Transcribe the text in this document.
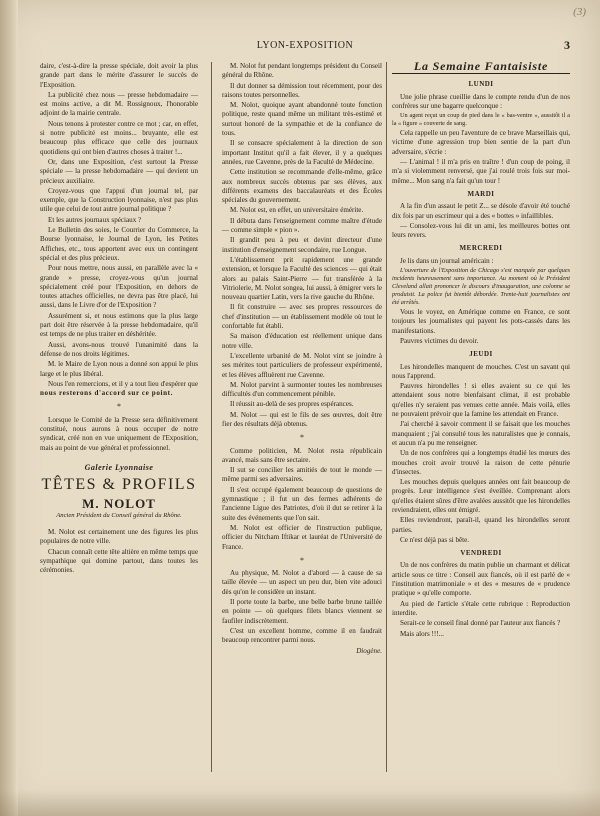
LYON-EXPOSITION	3
(3)

daire, c'est-à-dire la presse spéciale, doit avoir la plus grande part dans le mérite d'assurer le succès de l'Exposition.

La publicité chez nous — presse hebdomadaire — est moins active, a dit M. Rossignoux, l'honorable adjoint de la mairie centrale.

Nous tenons à protester contre ce mot ; car, en effet, si notre publicité est moins... bruyante, elle est beaucoup plus efficace que celle des journaux quotidiens qui ont bien d'autres choses à traiter !...

Or, dans une Exposition, c'est surtout la Presse spéciale — la presse hebdomadaire — qui devient un précieux auxiliaire.

Croyez-vous que l'appui d'un journal tel, par exemple, que la Construction lyonnaise, n'est pas plus utile que celui de tout autre journal politique ?

Et les autres journaux spéciaux ?

Le Bulletin des soies, le Courrier du Commerce, la Bourse lyonnaise, le Journal de Lyon, les Petites Affiches, etc., tous apportent avec eux un contingent spécial et des plus précieux.

Pour nous mettre, nous aussi, en parallèle avec la « grande » presse, croyez-vous qu'un journal spécialement créé pour l'Exposition, en dehors de toutes attaches officielles, ne devra pas être placé, lui aussi, dans le Livre d'or de l'Exposition ?

Assurément si, et nous estimons que la plus large part doit être réservée à la presse hebdomadaire, qu'il est temps de ne plus traiter en déshéritée.

Aussi, avons-nous trouvé l'unanimité dans la défense de nos droits légitimes.

M. le Maire de Lyon nous a donné son appui le plus large et le plus libéral.

Nous l'en remercions, et il y a tout lieu d'espérer que nous resterons d'accord sur ce point.

*

Lorsque le Comité de la Presse sera définitivement constitué, nous aurons à nous occuper de notre syndicat, créé non en vue uniquement de l'Exposition, mais au point de vue général et professionnel.

Galerie Lyonnaise
TÊTES & PROFILS
M. NOLOT
Ancien Président du Conseil général du Rhône.

M. Nolot est certainement une des figures les plus populaires de notre ville.

Chacun connaît cette tête altière en même temps que sympathique qui domine partout, dans toutes les cérémonies.

M. Nolot fut pendant longtemps président du Conseil général du Rhône.

Il dut donner sa démission tout récemment, pour des raisons toutes personnelles.

M. Nolot, quoique ayant abandonné toute fonction politique, reste quand même un militant très-estimé et surtout honoré de la sympathie et de la confiance de tous.

Il se consacre spécialement à la direction de son important Institut qu'il a fait élever, il y a quelques années, rue Cavenne, près de la Faculté de Médecine.

Cette institution se recommande d'elle-même, grâce aux nombreux succès obtenus par ses élèves, aux différents examens des baccalauréats et des Écoles spéciales du gouvernement.

M. Nolot est, en effet, un universitaire émérite.

Il débuta dans l'enseignement comme maître d'étude — comme simple « pion ».

Il grandit peu à peu et devint directeur d'une institution d'enseignement secondaire, rue Longue.

L'établissement prit rapidement une grande extension, et lorsque la Faculté des sciences — qui était alors au palais Saint-Pierre — fut transférée à la Vitriolerie, M. Nolot songea, lui aussi, à émigrer vers le nouveau quartier Latin, vers la rive gauche du Rhône.

Il fit construire — avec ses propres ressources de chef d'institution — un établissement modèle où tout le confortable fut établi.

Sa maison d'éducation est réellement unique dans notre ville.

L'excellente urbanité de M. Nolot vint se joindre à ses mérites tout particuliers de professeur expérimenté, et les élèves affluèrent rue Cavenne.

M. Nolot parvint à surmonter toutes les nombreuses difficultés d'un commencement pénible.

Il réussit au-delà de ses propres espérances.

M. Nolot — qui est le fils de ses œuvres, doit être fier des résultats déjà obtenus.

*

Comme politicien, M. Nolot resta républicain avancé, mais sans être sectaire.

Il sut se concilier les amitiés de tout le monde — même parmi ses adversaires.

Il s'est occupé également beaucoup de questions de gymnastique ; il fut un des fermes adhérents de l'ancienne Ligue des Patriotes, d'où il dut se retirer à la suite des événements que l'on sait.

M. Nolot est officier de l'instruction publique, officier du Nitcham Iftikar et lauréat de l'Université de France.

*

Au physique, M. Nolot a d'abord — à cause de sa taille élevée — un aspect un peu dur, bien vite adouci dès qu'on le considère un instant.

Il porte toute la barbe, une belle barbe brune taillée en pointe — où quelques filets blancs viennent se faufiler indiscrètement.

C'est un excellent homme, comme il en faudrait beaucoup rencontrer parmi nous.

Diogène.
La Semaine Fantaisiste
LUNDI

Une jolie phrase cueillie dans le compte rendu d'un de nos confrères sur une bagarre quelconque :

Un agent reçut un coup de pied dans le « bas-ventre », aussitôt il a la « figure » couverte de sang.

Cela rappelle un peu l'aventure de ce brave Marseillais qui, victime d'une agression trop bien sentie de la part d'un adversaire, s'écrie :

— L'animal ! il m'a pris en traître ! d'un coup de poing, il m'a si violemment renversé, que j'ai roulé trois fois sur moi-même... Mon sang n'a fait qu'un tour !

MARDI

A la fin d'un assaut le petit Z... se désole d'avoir été touché dix fois par un escrimeur qui a des « bottes » infaillibles.

— Consolez-vous lui dit un ami, les meilleures bottes ont leurs revers.

MERCREDI

Je lis dans un journal américain :

L'ouverture de l'Exposition de Chicago s'est marquée par quelques incidents heureusement sans importance. Au moment où le Président Cleveland allait prononcer le discours d'inauguration, une colonne se produisit. La police fut bientôt débordée. Trente-huit journalistes ont été arrêtés.

Vous le voyez, en Amérique comme en France, ce sont toujours les journalistes qui payent les pots-cassés dans les manifestations.

Pauvres victimes du devoir.

JEUDI

Les hirondelles manquent de mouches. C'est un savant qui nous l'apprend.

Pauvres hirondelles ! si elles avaient su ce qui les attendaient sous notre bienfaisant climat, il est probable qu'elles n'y seraient pas venues cette année. Mais voilà, elles ne pouvaient prévoir que la famine les attendait en France.

J'ai cherché à savoir comment il se faisait que les mouches manquaient ; j'ai consulté tous les naturalistes que je connais, et aucun n'a pu me renseigner.

Un de nos confrères qui a longtemps étudié les mœurs des mouches croit avoir trouvé la raison de cette pénurie d'insectes.

Les mouches depuis quelques années ont fait beaucoup de progrès. Leur intelligence s'est éveillée. Comprenant alors qu'elles étaient sûres d'être avalées aussitôt que les hirondelles reviendraient, elles ont émigré.

Elles reviendront, paraît-il, quand les hirondelles seront parties.

Ce n'est déjà pas si bête.

VENDREDI

Un de nos confrères du matin publie un charmant et délicat article sous ce titre : Conseil aux fiancés, où il est parlé de « l'institution matrimoniale » et des « mesures de « prudence pratique » qu'elle comporte.

Au pied de l'article s'étale cette rubrique : Reproduction interdite.

Serait-ce le conseil final donné par l'auteur aux fiancés ?

Mais alors !!!...
